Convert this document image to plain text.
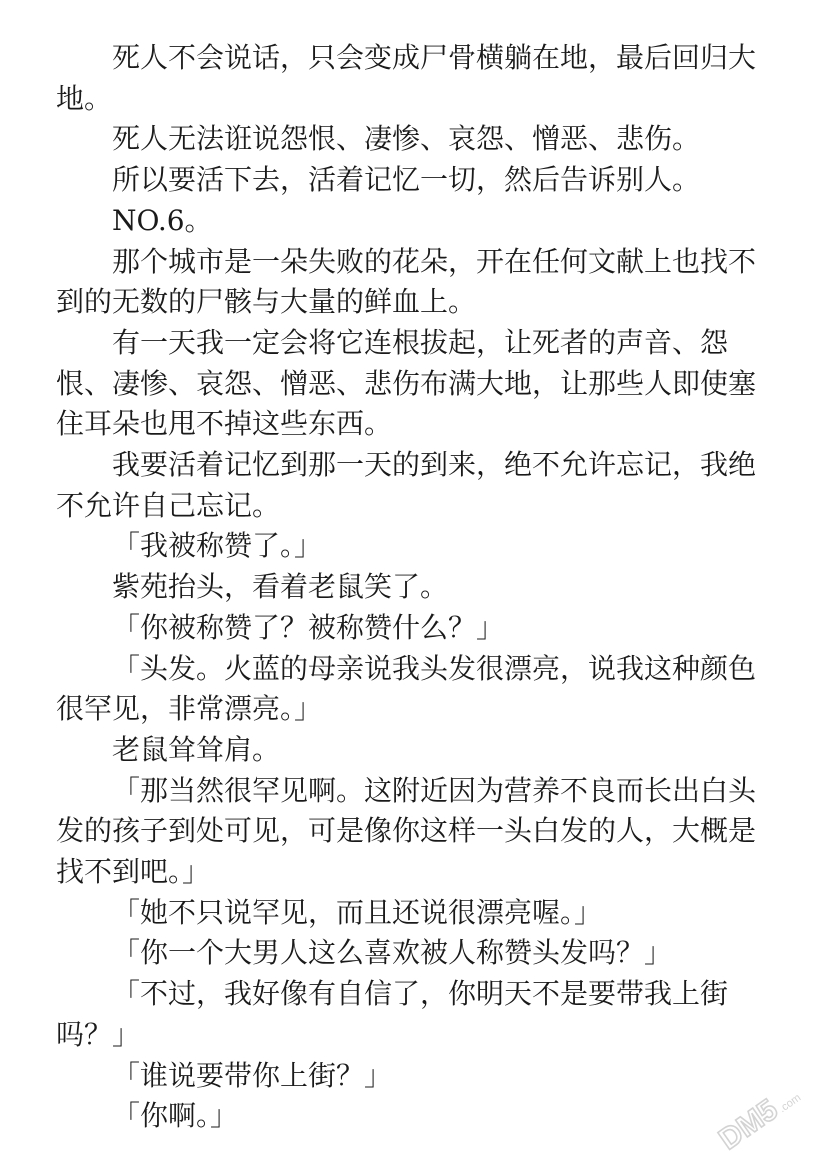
死人不会说话，只会变成尸骨横躺在地，最后回归大地。

死人无法诳说怨恨、凄惨、哀怨、憎恶、悲伤。

所以要活下去，活着记忆一切，然后告诉别人。

NO.6。

那个城市是一朵失败的花朵，开在任何文献上也找不到的无数的尸骸与大量的鲜血上。

有一天我一定会将它连根拔起，让死者的声音、怨恨、凄惨、哀怨、憎恶、悲伤布满大地，让那些人即使塞住耳朵也甩不掉这些东西。

我要活着记忆到那一天的到来，绝不允许忘记，我绝不允许自己忘记。

「我被称赞了。」

紫苑抬头，看着老鼠笑了。

「你被称赞了？被称赞什么？」

「头发。火蓝的母亲说我头发很漂亮，说我这种颜色很罕见，非常漂亮。」

老鼠耸耸肩。

「那当然很罕见啊。这附近因为营养不良而长出白头发的孩子到处可见，可是像你这样一头白发的人，大概是找不到吧。」

「她不只说罕见，而且还说很漂亮喔。」

「你一个大男人这么喜欢被人称赞头发吗？」

「不过，我好像有自信了，你明天不是要带我上街吗？」

「谁说要带你上街？」

「你啊。」	DM5
.com
